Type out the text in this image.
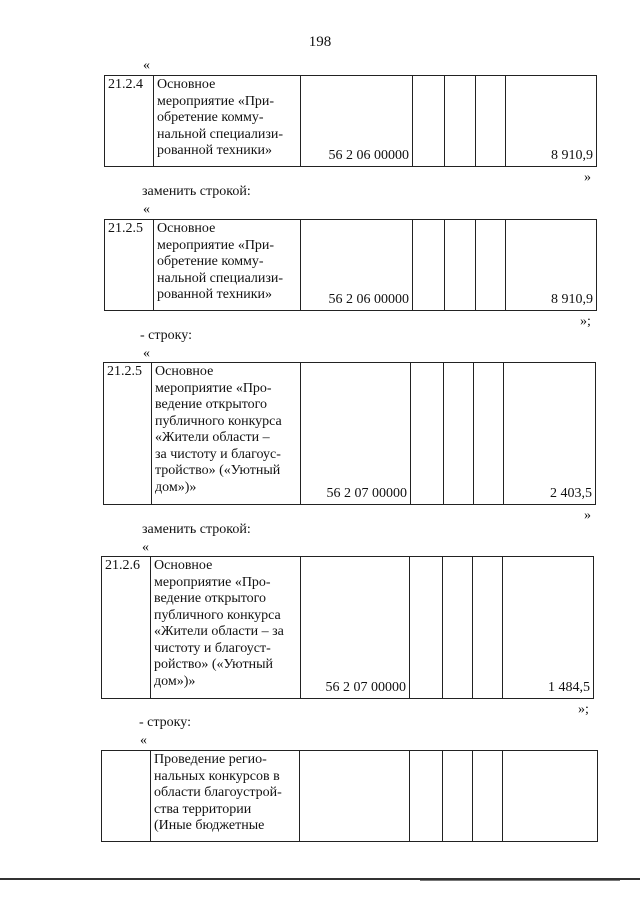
198
«
21.2.4	Основное
мероприятие «При-
обретение комму-
нальной специализи-
рованной техники»	56 2 06 00000				8 910,9
»
заменить строкой:
«
21.2.5	Основное
мероприятие «При-
обретение комму-
нальной специализи-
рованной техники»	56 2 06 00000				8 910,9
»;
- строку:
«
21.2.5	Основное
мероприятие «Про-
ведение открытого
публичного конкурса
«Жители области –
за чистоту и благоус-
тройство» («Уютный
дом»)»	56 2 07 00000				2 403,5
»
заменить строкой:
«
21.2.6	Основное
мероприятие «Про-
ведение открытого
публичного конкурса
«Жители области – за
чистоту и благоуст-
ройство» («Уютный
дом»)»	56 2 07 00000				1 484,5
»;
- строку:
«

Проведение регио-
нальных конкурсов в
области благоустрой-
ства территории
(Иные бюджетные
